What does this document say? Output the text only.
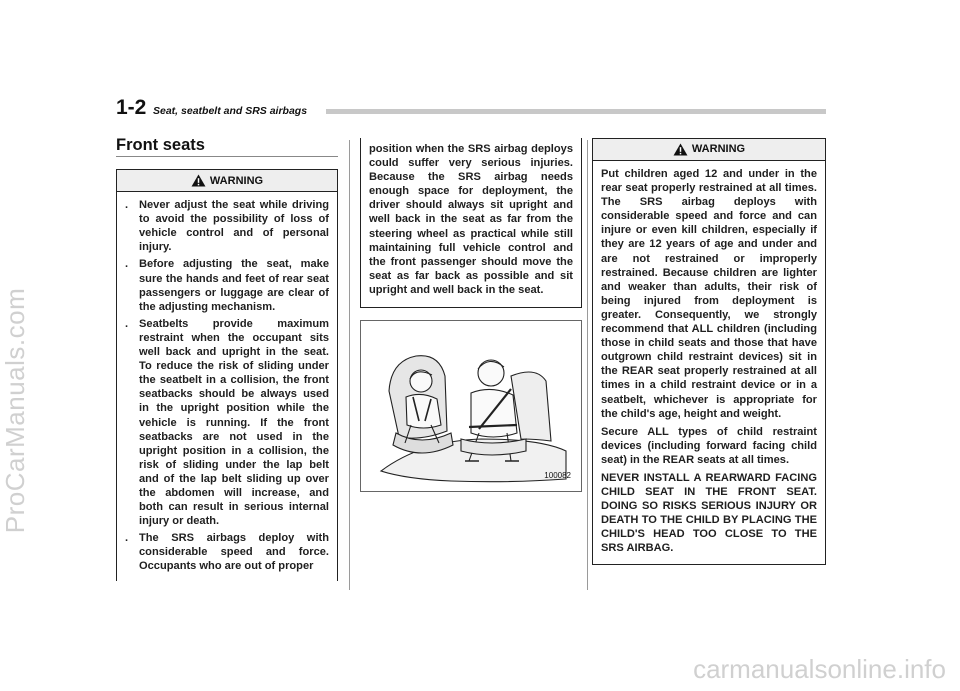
ProCarManuals.com
carmanualsonline.info
1-2 Seat, seatbelt and SRS airbags
Front seats
WARNING
. Never adjust the seat while driving to avoid the possibility of loss of vehicle control and of personal injury.
. Before adjusting the seat, make sure the hands and feet of rear seat passengers or luggage are clear of the adjusting mechanism.
. Seatbelts provide maximum restraint when the occupant sits well back and upright in the seat. To reduce the risk of sliding under the seatbelt in a collision, the front seatbacks should be always used in the upright position while the vehicle is running. If the front seatbacks are not used in the upright position in a collision, the risk of sliding under the lap belt and of the lap belt sliding up over the abdomen will increase, and both can result in serious internal injury or death.
. The SRS airbags deploy with considerable speed and force. Occupants who are out of proper
position when the SRS airbag deploys could suffer very serious injuries. Because the SRS airbag needs enough space for deployment, the driver should always sit upright and well back in the seat as far from the steering wheel as practical while still maintaining full vehicle control and the front passenger should move the seat as far back as possible and sit upright and well back in the seat.
100082
WARNING
Put children aged 12 and under in the rear seat properly restrained at all times. The SRS airbag deploys with considerable speed and force and can injure or even kill children, especially if they are 12 years of age and under and are not restrained or improperly restrained. Because children are lighter and weaker than adults, their risk of being injured from deployment is greater. Consequently, we strongly recommend that ALL children (including those in child seats and those that have outgrown child restraint devices) sit in the REAR seat properly restrained at all times in a child restraint device or in a seatbelt, whichever is appropriate for the child's age, height and weight.
Secure ALL types of child restraint devices (including forward facing child seat) in the REAR seats at all times.
NEVER INSTALL A REARWARD FACING CHILD SEAT IN THE FRONT SEAT. DOING SO RISKS SERIOUS INJURY OR DEATH TO THE CHILD BY PLACING THE CHILD'S HEAD TOO CLOSE TO THE SRS AIRBAG.
